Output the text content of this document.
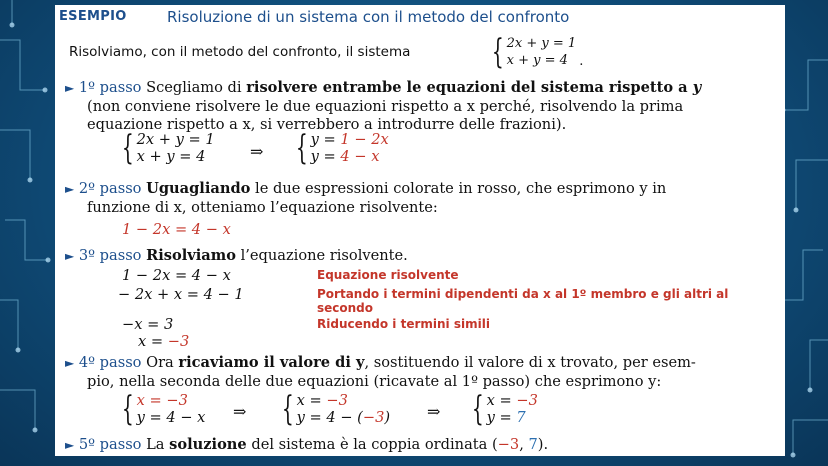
ESEMPIO	Risoluzione di un sistema con il metodo del confronto
Risolviamo, con il metodo del confronto, il sistema { 2x + y = 1
x + y = 4 .
► 1º passo Scegliamo di risolvere entrambe le equazioni del sistema rispetto a y
(non conviene risolvere le due equazioni rispetto a x perché, risolvendo la prima
equazione rispetto a x, si verrebbero a introdurre delle frazioni).
{ 2x + y = 1
x + y = 4	⇒ { y = 1 − 2x
y = 4 − x
► 2º passo Uguagliando le due espressioni colorate in rosso, che esprimono y in
funzione di x, otteniamo l’equazione risolvente:
1 − 2x = 4 − x
► 3º passo Risolviamo l’equazione risolvente.
1 − 2x = 4 − x	Equazione risolvente
− 2x + x = 4 − 1	Portando i termini dipendenti da x al 1º membro e gli altri al
secondo
−x = 3	Riducendo i termini simili
x = −3
► 4º passo Ora ricaviamo il valore di y, sostituendo il valore di x trovato, per esem-
pio, nella seconda delle due equazioni (ricavate al 1º passo) che esprimono y:
{ x = −3
y = 4 − x ⇒ { x = −3
y = 4 − (−3) ⇒ { x = −3
y = 7
► 5º passo La soluzione del sistema è la coppia ordinata (−3, 7).
